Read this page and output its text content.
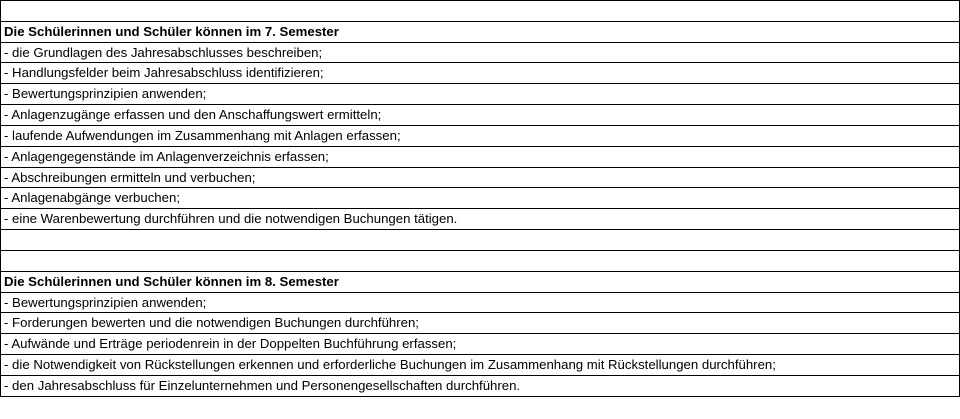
Die Schülerinnen und Schüler können im 7. Semester
- die Grundlagen des Jahresabschlusses beschreiben;
- Handlungsfelder beim Jahresabschluss identifizieren;
- Bewertungsprinzipien anwenden;
- Anlagenzugänge erfassen und den Anschaffungswert ermitteln;
- laufende Aufwendungen im Zusammenhang mit Anlagen erfassen;
- Anlagengegenstände im Anlagenverzeichnis erfassen;
- Abschreibungen ermitteln und verbuchen;
- Anlagenabgänge verbuchen;
- eine Warenbewertung durchführen und die notwendigen Buchungen tätigen.
Die Schülerinnen und Schüler können im 8. Semester
- Bewertungsprinzipien anwenden;
- Forderungen bewerten und die notwendigen Buchungen durchführen;
- Aufwände und Erträge periodenrein in der Doppelten Buchführung erfassen;
- die Notwendigkeit von Rückstellungen erkennen und erforderliche Buchungen im Zusammenhang mit Rückstellungen durchführen;
- den Jahresabschluss für Einzelunternehmen und Personengesellschaften durchführen.
